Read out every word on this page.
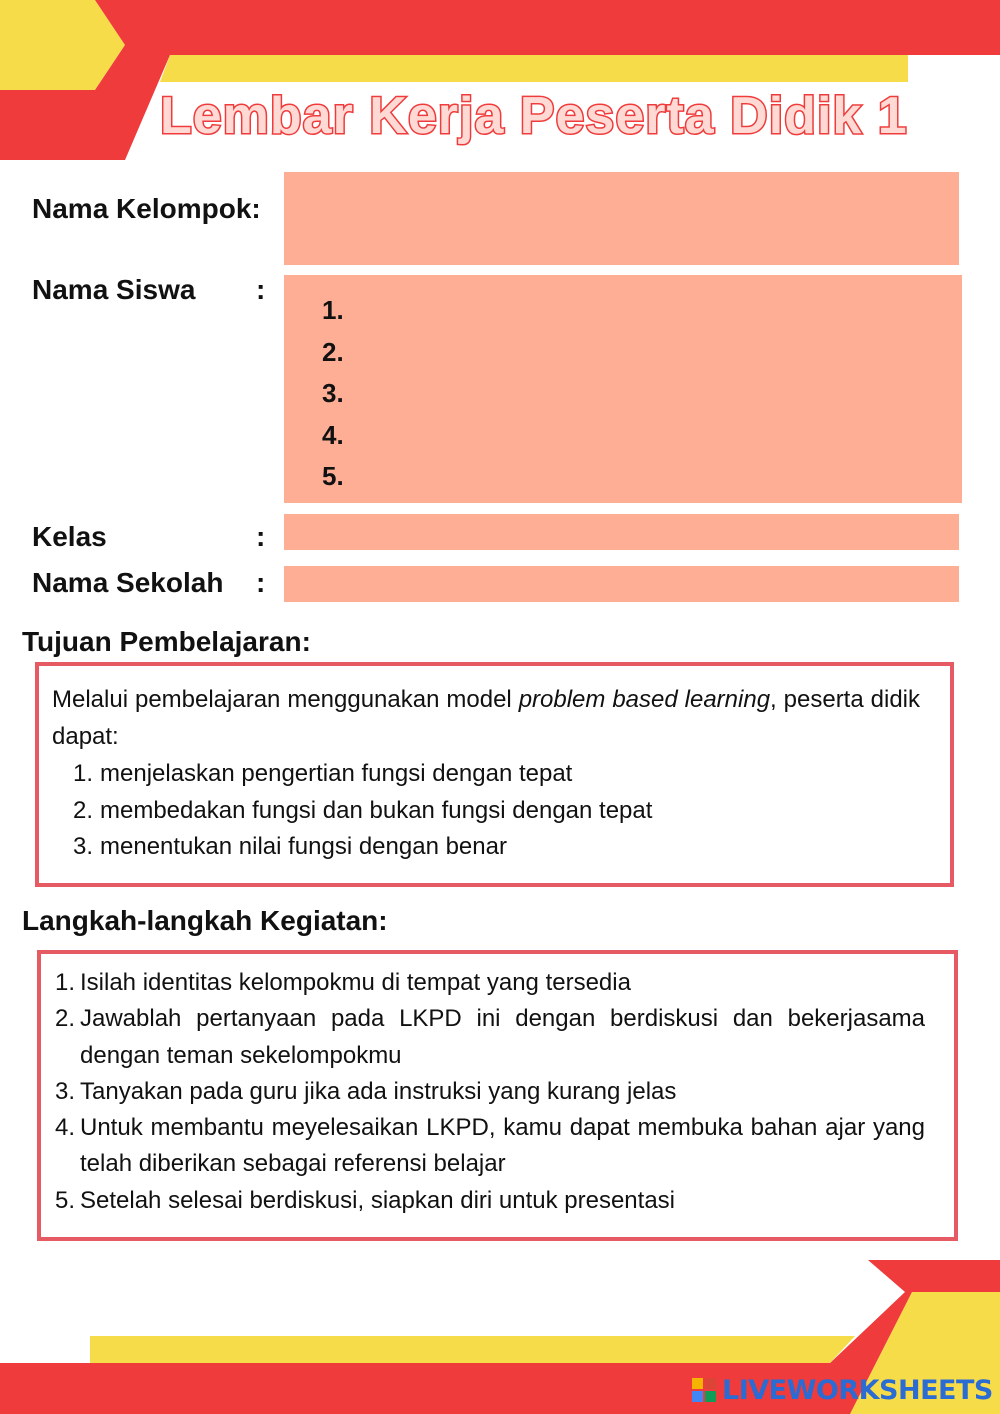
Lembar Kerja Peserta Didik 1
Nama Kelompok:
Nama Siswa :
1.
2.
3.
4.
5.
Kelas	:
Nama Sekolah :
Tujuan Pembelajaran:
Melalui pembelajaran menggunakan model problem based learning, peserta didik dapat:
1. menjelaskan pengertian fungsi dengan tepat
2. membedakan fungsi dan bukan fungsi dengan tepat
3. menentukan nilai fungsi dengan benar
Langkah-langkah Kegiatan:
1. Isilah identitas kelompokmu di tempat yang tersedia
2. Jawablah pertanyaan pada LKPD ini dengan berdiskusi dan bekerjasama dengan teman sekelompokmu
3. Tanyakan pada guru jika ada instruksi yang kurang jelas
4. Untuk membantu meyelesaikan LKPD, kamu dapat membuka bahan ajar yang telah diberikan sebagai referensi belajar
5. Setelah selesai berdiskusi, siapkan diri untuk presentasi
LIVEWORKSHEETS
